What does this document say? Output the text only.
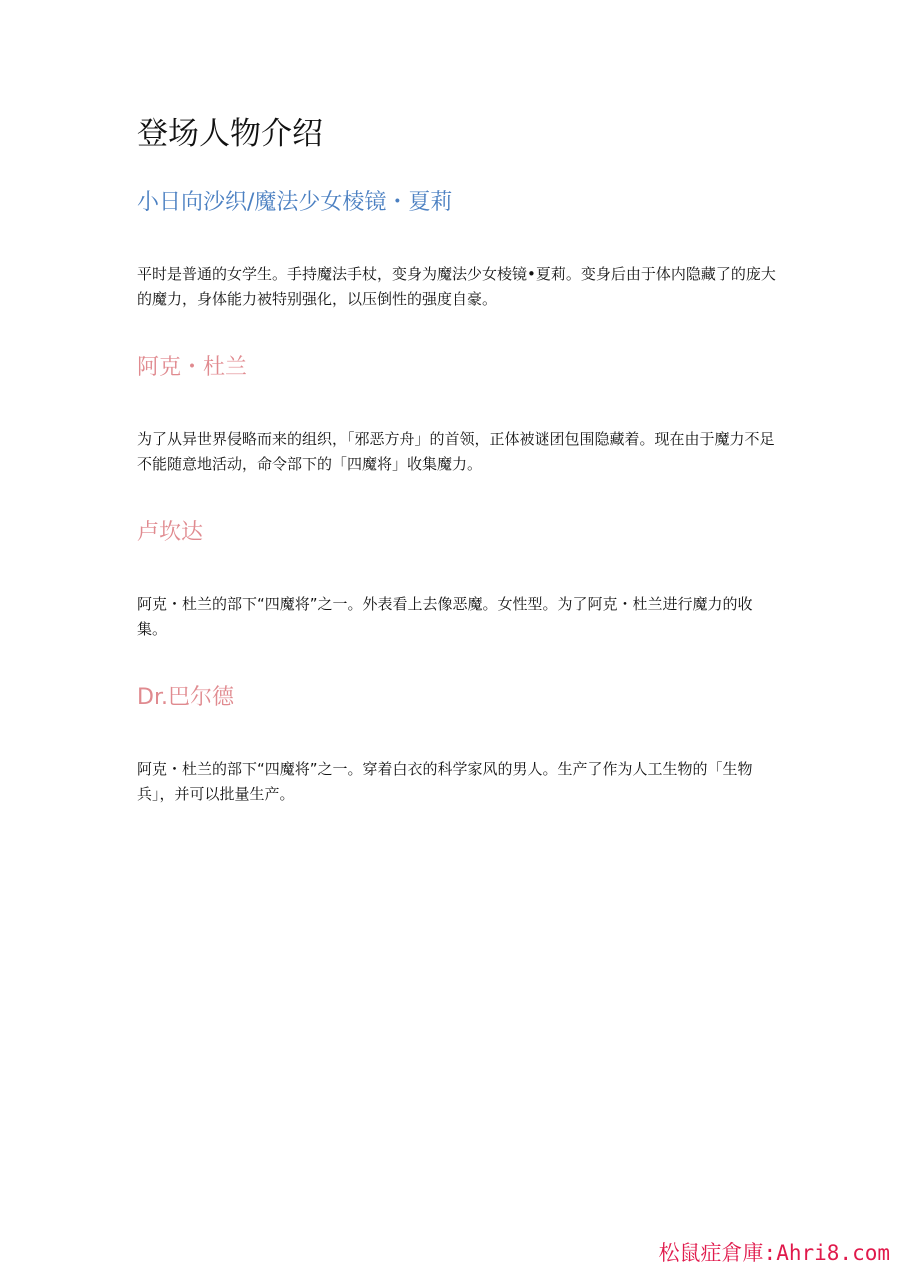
登场人物介绍
小日向沙织/魔法少女棱镜・夏莉

平时是普通的女学生。手持魔法手杖，变身为魔法少女棱镜•夏莉。变身后由于体内隐藏了的庞大的魔力，身体能力被特别强化，以压倒性的强度自豪。

阿克・杜兰

为了从异世界侵略而来的组织，「邪恶方舟」的首领，正体被谜团包围隐藏着。现在由于魔力不足不能随意地活动，命令部下的「四魔将」收集魔力。

卢坎达

阿克・杜兰的部下“四魔将”之一。外表看上去像恶魔。女性型。为了阿克・杜兰进行魔力的收集。

Dr.巴尔德

阿克・杜兰的部下“四魔将”之一。穿着白衣的科学家风的男人。生产了作为人工生物的「生物兵」，并可以批量生产。

松鼠症倉庫:Ahri8.com
